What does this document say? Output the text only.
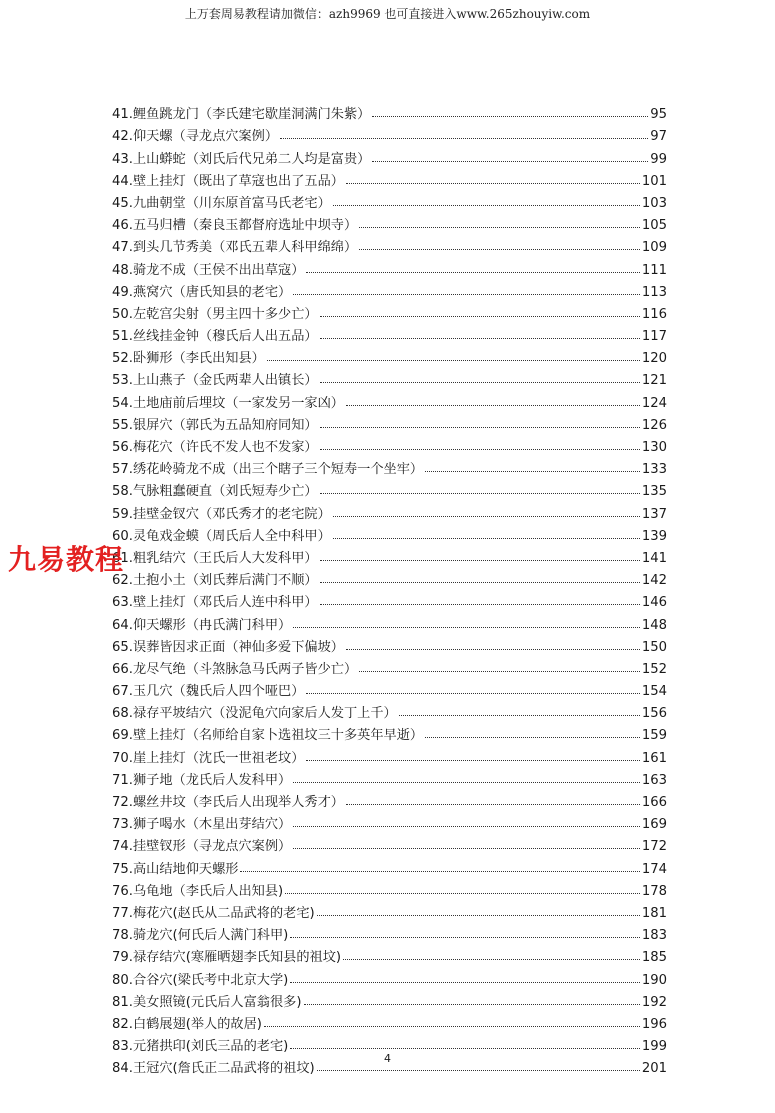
上万套周易教程请加微信：azh9969 也可直接进入www.265zhouyiw.com
41.鲤鱼跳龙门（李氏建宅歇崖洞满门朱紫）	95
42.仰天螺（寻龙点穴案例）	97
43.上山蟒蛇（刘氏后代兄弟二人均是富贵）	99
44.壁上挂灯（既出了草寇也出了五品）	101
45.九曲朝堂（川东原首富马氏老宅）	103
46.五马归槽（秦良玉都督府选址中坝寺）	105
47.到头几节秀美（邓氏五辈人科甲绵绵）	109
48.骑龙不成（王侯不出出草寇）	111
49.燕窝穴（唐氏知县的老宅）	113
50.左乾宫尖射（男主四十多少亡）	116
51.丝线挂金钟（穆氏后人出五品）	117
52.卧狮形（李氏出知县）	120
53.上山燕子（金氏两辈人出镇长）	121
54.土地庙前后埋坟（一家发另一家凶）	124
55.银屏穴（郭氏为五品知府同知）	126
56.梅花穴（许氏不发人也不发家）	130
57.绣花岭骑龙不成（出三个瞎子三个短寿一个坐牢）	133
58.气脉粗蠢硬直（刘氏短寿少亡）	135
59.挂壁金钗穴（邓氏秀才的老宅院）	137
60.灵龟戏金蟆（周氏后人全中科甲）	139
61.粗乳结穴（王氏后人大发科甲）	141
62.土抱小土（刘氏葬后满门不顺）	142
63.壁上挂灯（邓氏后人连中科甲）	146
64.仰天螺形（冉氏满门科甲）	148
65.误葬皆因求正面（神仙多爱下偏坡）	150
66.龙尽气绝（斗煞脉急马氏两子皆少亡）	152
67.玉几穴（魏氏后人四个哑巴）	154
68.禄存平坡结穴（没泥龟穴向家后人发丁上千）	156
69.壁上挂灯（名师给自家卜选祖坟三十多英年早逝）	159
70.崖上挂灯（沈氏一世祖老坟）	161
71.狮子地（龙氏后人发科甲）	163
72.螺丝井坟（李氏后人出现举人秀才）	166
73.狮子喝水（木星出芽结穴）	169
74.挂壁钗形（寻龙点穴案例）	172
75.高山结地仰天螺形	174
76.乌龟地（李氏后人出知县)	178
77.梅花穴(赵氏从二品武将的老宅)	181
78.骑龙穴(何氏后人满门科甲)	183
79.禄存结穴(寒雁晒翅李氏知县的祖坟)	185
80.合谷穴(梁氏考中北京大学)	190
81.美女照镜(元氏后人富翁很多)	192
82.白鹤展翅(举人的故居)	196
83.元猪拱印(刘氏三品的老宅)	199
84.王冠穴(詹氏正二品武将的祖坟)	201
九易教程
4
